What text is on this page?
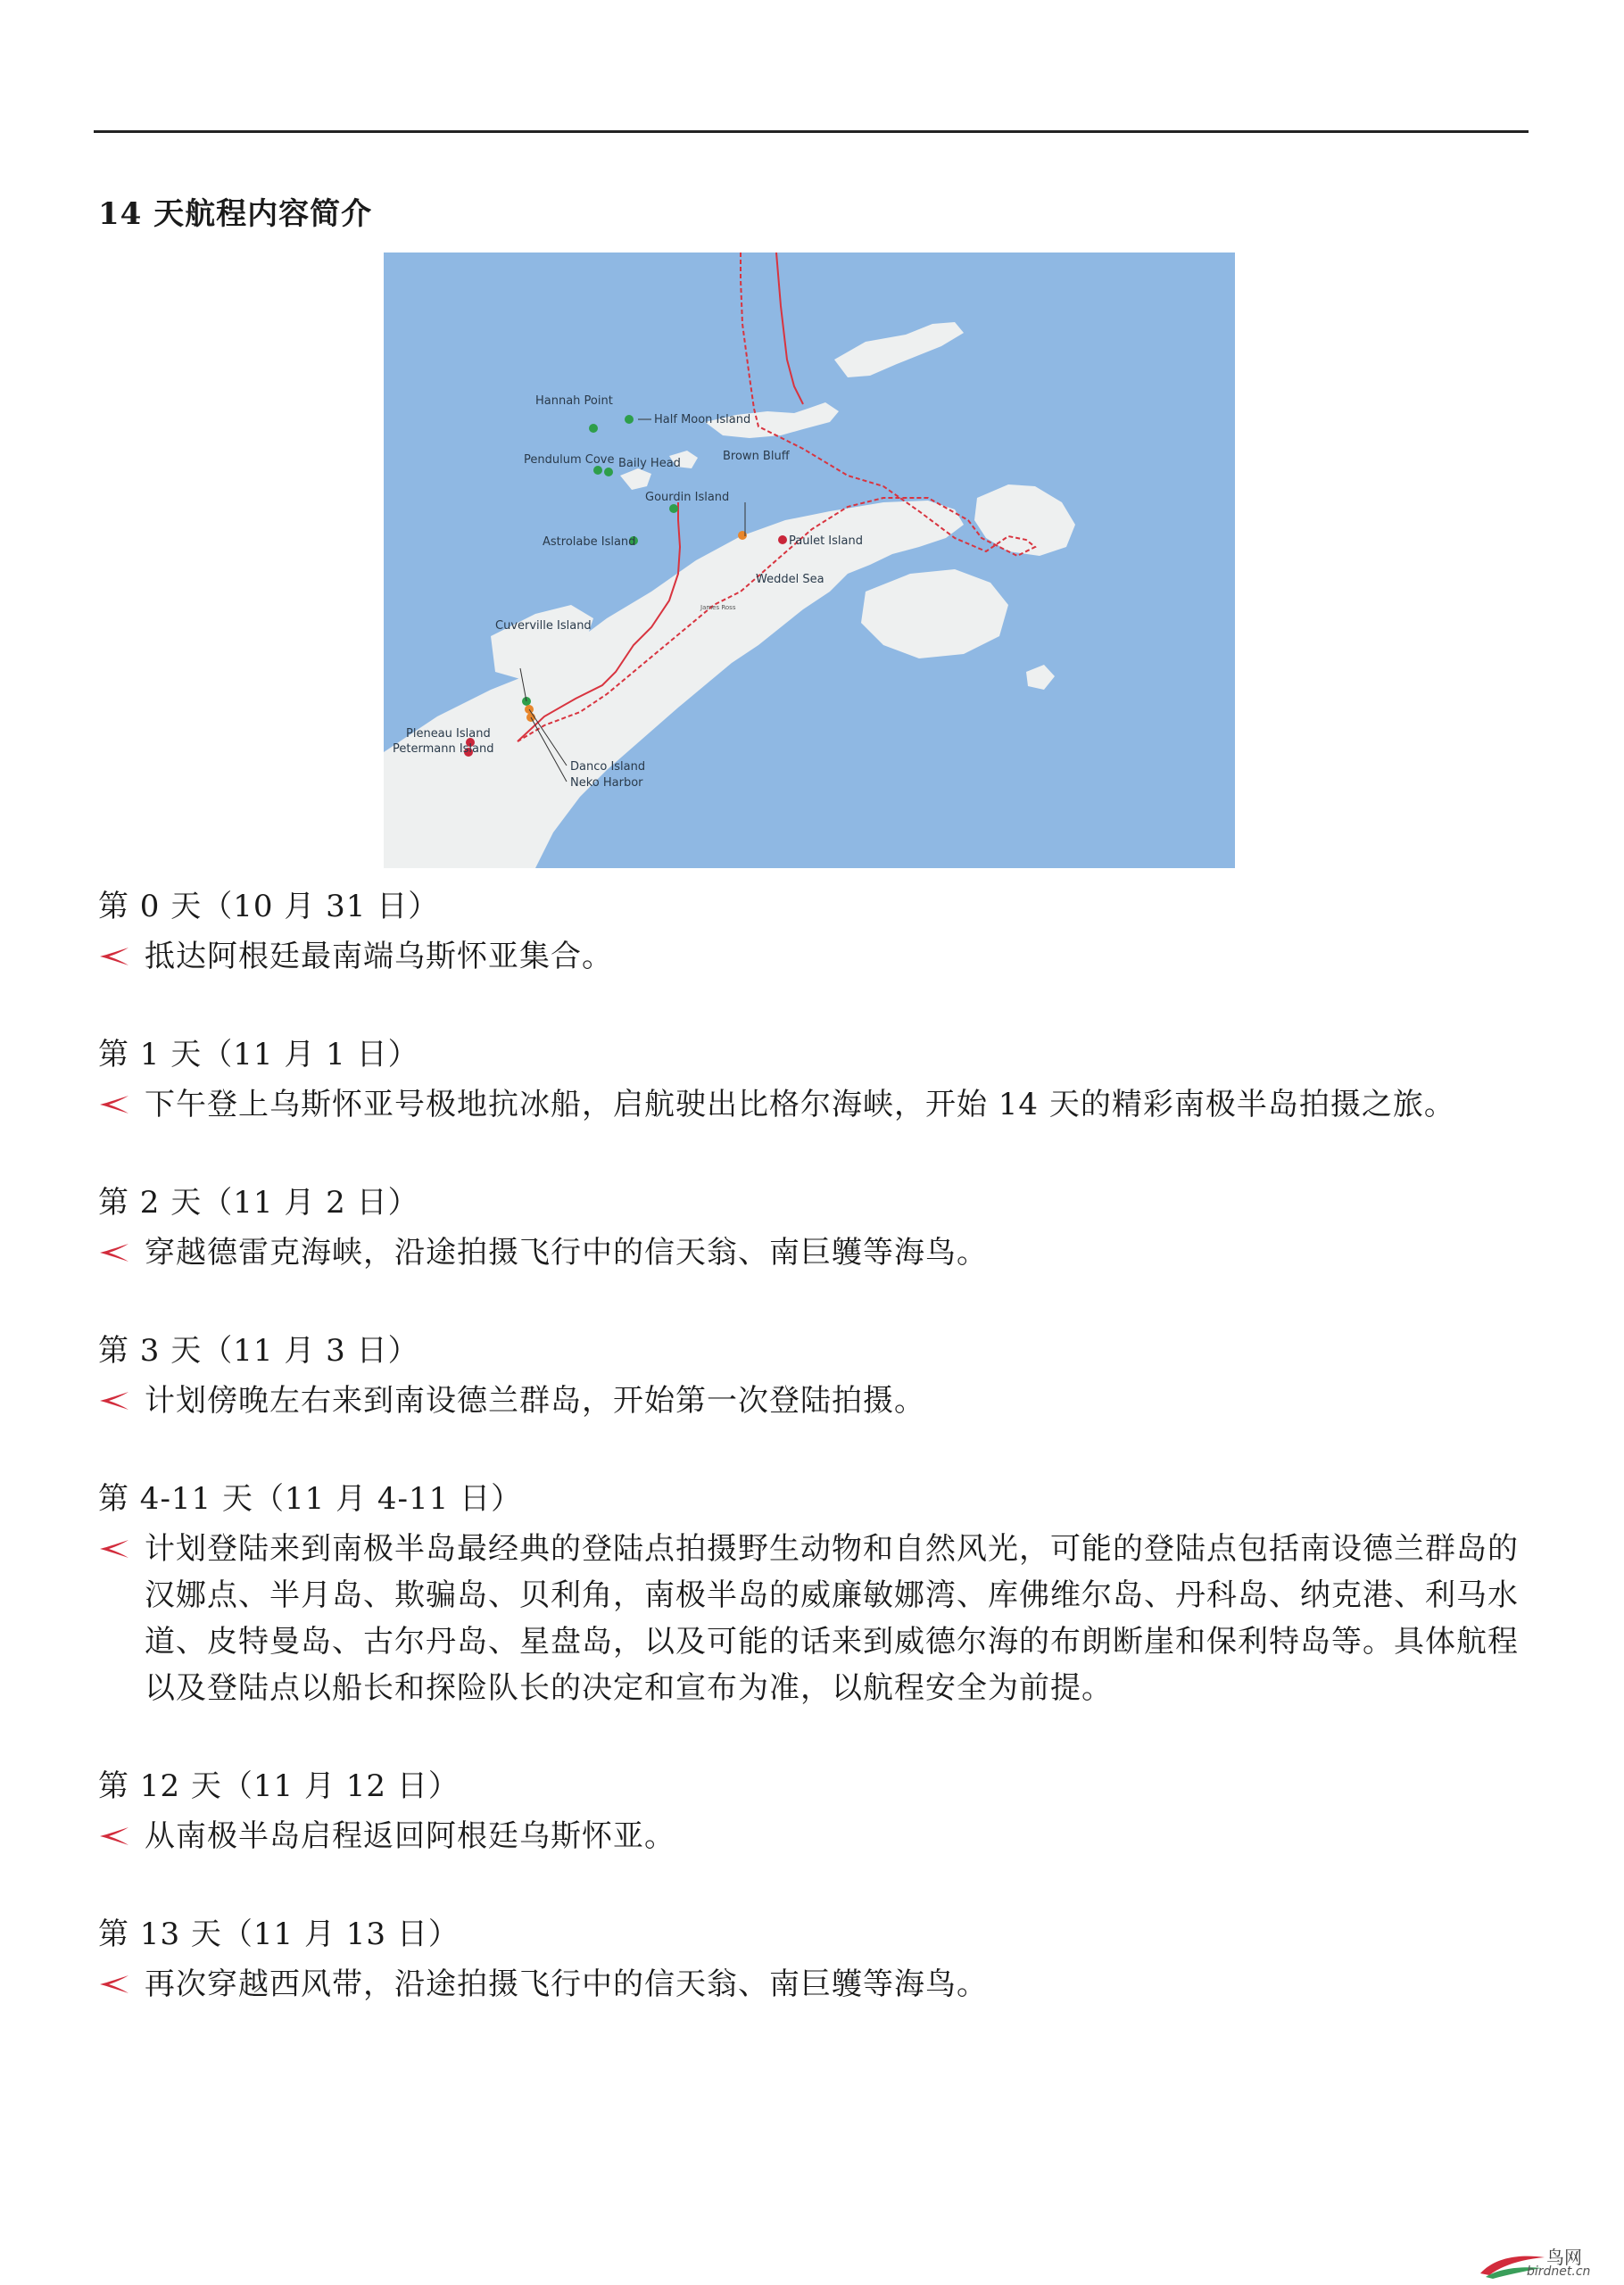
14 天航程内容简介
Hannah Point
Half Moon Island
Pendulum Cove Baily Head
Brown Bluff
Gourdin Island
Astrolabe Island	Paulet Island
Weddel Sea
Cuverville Island
Pleneau Island
Petermann Island
Danco Island
Neko Harbor
James Ross
第 0 天（10 月 31 日）
抵达阿根廷最南端乌斯怀亚集合。
第 1 天（11 月 1 日）
下午登上乌斯怀亚号极地抗冰船，启航驶出比格尔海峡，开始 14 天的精彩南极半岛拍摄之旅。
第 2 天（11 月 2 日）
穿越德雷克海峡，沿途拍摄飞行中的信天翁、南巨鹱等海鸟。
第 3 天（11 月 3 日）
计划傍晚左右来到南设德兰群岛，开始第一次登陆拍摄。
第 4-11 天（11 月 4-11 日）
计划登陆来到南极半岛最经典的登陆点拍摄野生动物和自然风光，可能的登陆点包括南设德兰群岛的汉娜点、半月岛、欺骗岛、贝利角，南极半岛的威廉敏娜湾、库佛维尔岛、丹科岛、纳克港、利马水道、皮特曼岛、古尔丹岛、星盘岛，以及可能的话来到威德尔海的布朗断崖和保利特岛等。具体航程以及登陆点以船长和探险队长的决定和宣布为准，以航程安全为前提。
第 12 天（11 月 12 日）
从南极半岛启程返回阿根廷乌斯怀亚。
第 13 天（11 月 13 日）
再次穿越西风带，沿途拍摄飞行中的信天翁、南巨鹱等海鸟。
鸟网
birdnet.cn
